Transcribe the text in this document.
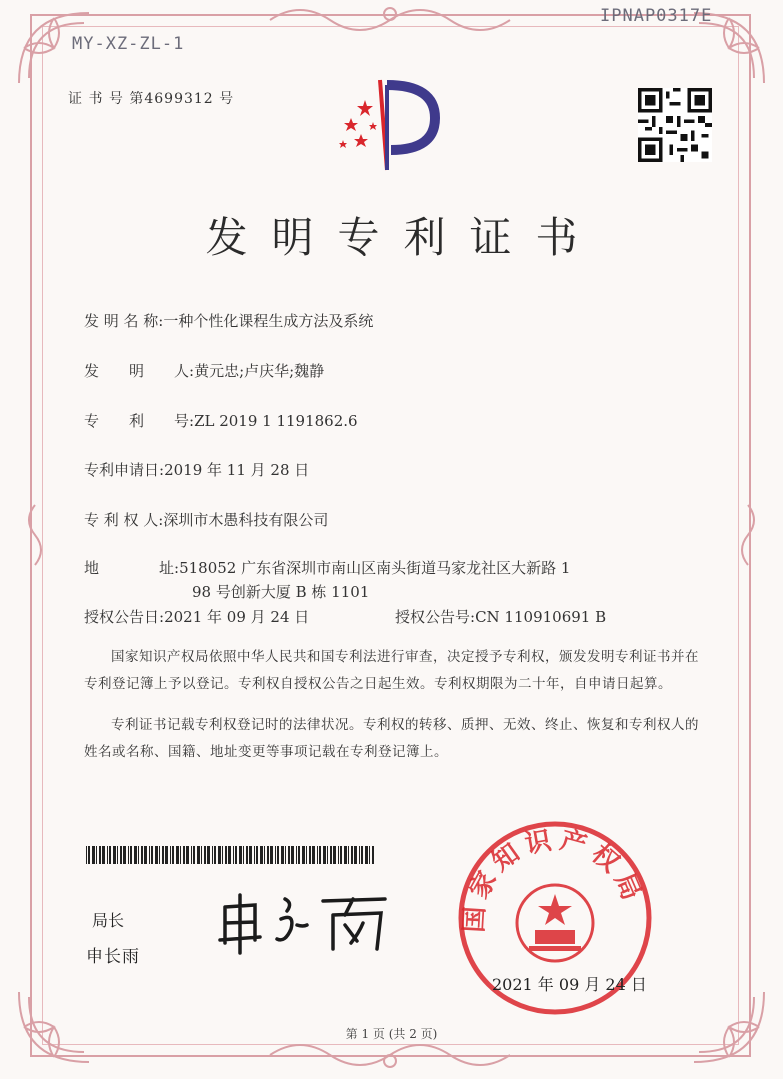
MY-XZ-ZL-1
IPNAP0317E
证 书 号 第4699312 号
发明专利证书
发 明 名 称:一种个性化课程生成方法及系统
发　　明　　人:黄元忠;卢庆华;魏静
专　　利　　号:ZL 2019 1 1191862.6
专利申请日:2019 年 11 月 28 日
专 利 权 人:深圳市木愚科技有限公司
地　　　　址:518052 广东省深圳市南山区南头街道马家龙社区大新路 1
98 号创新大厦 B 栋 1101
授权公告日:2021 年 09 月 24 日	授权公告号:CN 110910691 B
国家知识产权局依照中华人民共和国专利法进行审查，决定授予专利权，颁发发明专利证书并在专利登记簿上予以登记。专利权自授权公告之日起生效。专利权期限为二十年，自申请日起算。
专利证书记载专利权登记时的法律状况。专利权的转移、质押、无效、终止、恢复和专利权人的姓名或名称、国籍、地址变更等事项记载在专利登记簿上。
局长
申长雨
国家知识产权局
2021 年 09 月 24 日
第 1 页 (共 2 页)
